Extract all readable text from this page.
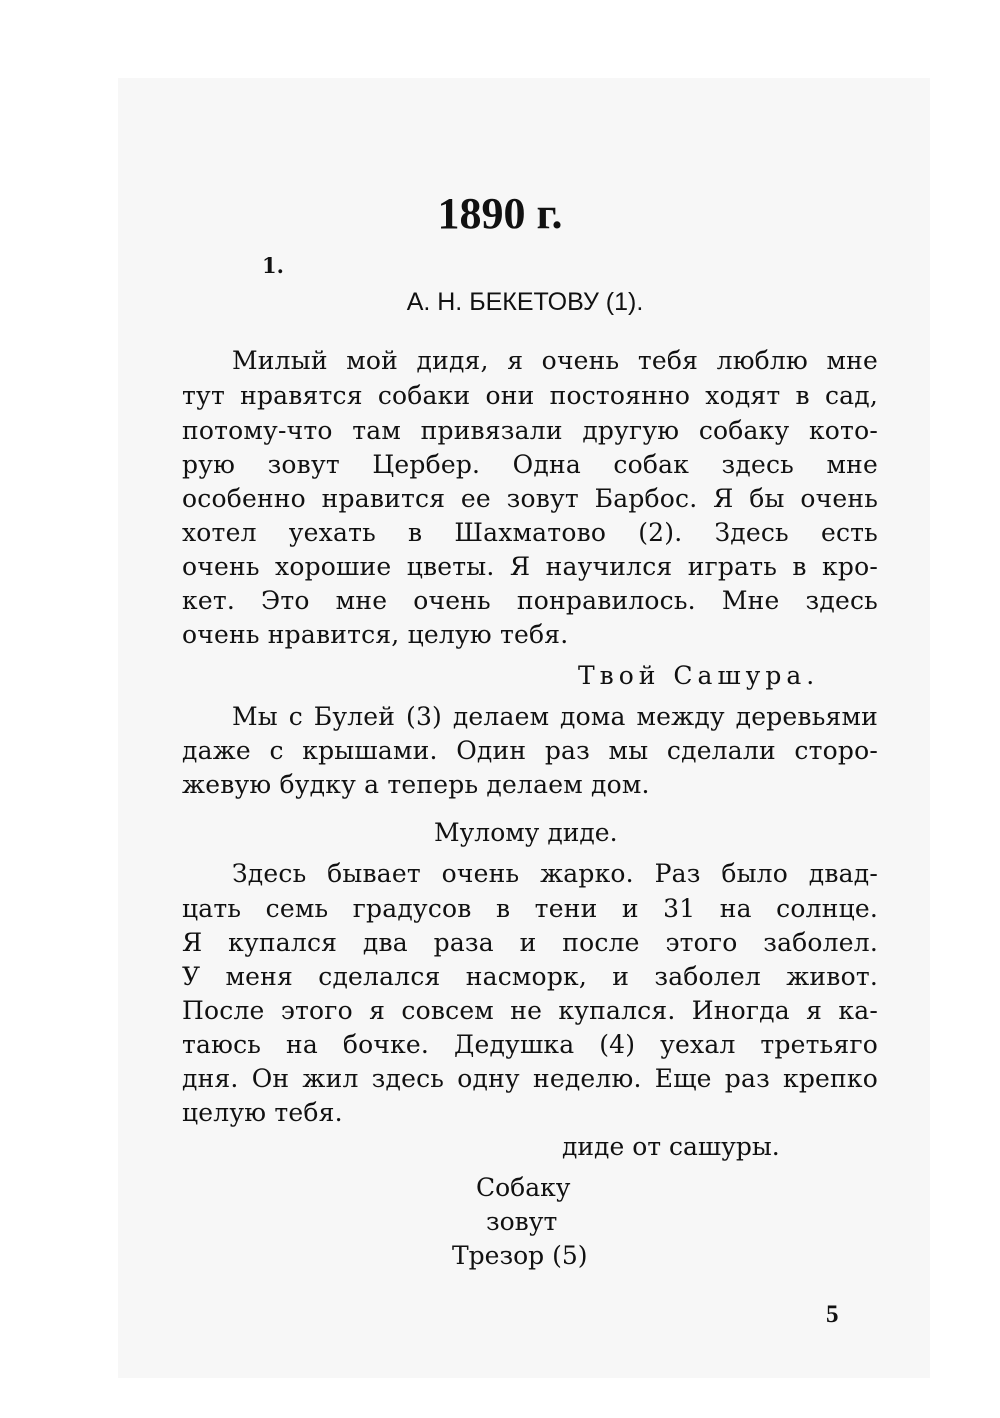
1890 г.
1.
А. Н. БЕКЕТОВУ (1).
Милый мой дидя, я очень тебя люблю мне
тут нравятся собаки они постоянно ходят в сад,
потому-что там привязали другую собаку кото-
рую зовут Цербер. Одна собак здесь мне
особенно нравится ее зовут Барбос. Я бы очень
хотел уехать в Шахматово (2). Здесь есть
очень хорошие цветы. Я научился играть в кро-
кет. Это мне очень понравилось. Мне здесь
очень нравится, целую тебя.
Твой Сашура.
Мы с Булей (3) делаем дома между деревьями
даже с крышами. Один раз мы сделали сторо-
жевую будку а теперь делаем дом.
Мулому диде.
Здесь бывает очень жарко. Раз было двад-
цать семь градусов в тени и 31 на солнце.
Я купался два раза и после этого заболел.
У меня сделался насморк, и заболел живот.
После этого я совсем не купался. Иногда я ка-
таюсь на бочке. Дедушка (4) уехал третьяго
дня. Он жил здесь одну неделю. Еще раз крепко
целую тебя.
диде от сашуры.
Собаку
зовут
Трезор (5)
5
